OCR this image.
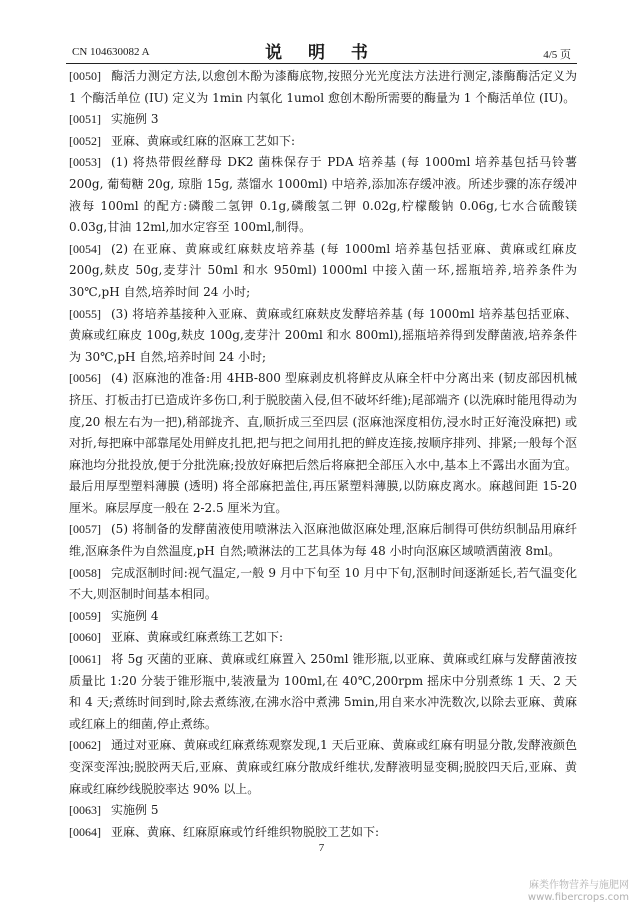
CN 104630082 A	说 明 书	4/5 页
[0050] 酶活力测定方法,以愈创木酚为漆酶底物,按照分光光度法方法进行测定,漆酶酶活定义为 1 个酶活单位 (IU) 定义为 1min 内氧化 1umol 愈创木酚所需要的酶量为 1 个酶活单位 (IU)。
[0051] 实施例 3
[0052] 亚麻、黄麻或红麻的沤麻工艺如下:
[0053] (1) 将热带假丝酵母 DK2 菌株保存于 PDA 培养基 (每 1000ml 培养基包括马铃薯 200g, 葡萄糖 20g, 琼脂 15g, 蒸馏水 1000ml) 中培养,添加冻存缓冲液。所述步骤的冻存缓冲液每 100ml 的配方:磷酸二氢钾 0.1g,磷酸氢二钾 0.02g,柠檬酸钠 0.06g,七水合硫酸镁 0.03g,甘油 12ml,加水定容至 100ml,制得。
[0054] (2) 在亚麻、黄麻或红麻麸皮培养基 (每 1000ml 培养基包括亚麻、黄麻或红麻皮 200g,麸皮 50g,麦芽汁 50ml 和水 950ml) 1000ml 中接入菌一环,摇瓶培养,培养条件为 30℃,pH 自然,培养时间 24 小时;
[0055] (3) 将培养基接种入亚麻、黄麻或红麻麸皮发酵培养基 (每 1000ml 培养基包括亚麻、黄麻或红麻皮 100g,麸皮 100g,麦芽汁 200ml 和水 800ml),摇瓶培养得到发酵菌液,培养条件为 30℃,pH 自然,培养时间 24 小时;
[0056] (4) 沤麻池的准备:用 4HB-800 型麻剥皮机将鲜皮从麻全杆中分离出来 (韧皮部因机械挤压、打板击打已造成许多伤口,利于脱胶菌入侵,但不破坏纤维);尾部端齐 (以洗麻时能甩得动为度,20 根左右为一把),稍部拢齐、直,顺折成三至四层 (沤麻池深度相仿,浸水时正好淹没麻把) 或对折,每把麻中部靠尾处用鲜皮扎把,把与把之间用扎把的鲜皮连接,按顺序排列、排紧;一般每个沤麻池均分批投放,便于分批洗麻;投放好麻把后然后将麻把全部压入水中,基本上不露出水面为宜。最后用厚型塑料薄膜 (透明) 将全部麻把盖住,再压紧塑料薄膜,以防麻皮离水。麻越间距 15-20 厘米。麻层厚度一般在 2-2.5 厘米为宜。
[0057] (5) 将制备的发酵菌液使用喷淋法入沤麻池做沤麻处理,沤麻后制得可供纺织制品用麻纤维,沤麻条件为自然温度,pH 自然;喷淋法的工艺具体为每 48 小时向沤麻区域喷洒菌液 8ml。
[0058] 完成沤制时间:视气温定,一般 9 月中下旬至 10 月中下旬,沤制时间逐渐延长,若气温变化不大,则沤制时间基本相同。
[0059] 实施例 4
[0060] 亚麻、黄麻或红麻煮练工艺如下:
[0061] 将 5g 灭菌的亚麻、黄麻或红麻置入 250ml 锥形瓶,以亚麻、黄麻或红麻与发酵菌液按质量比 1:20 分装于锥形瓶中,装液量为 100ml,在 40℃,200rpm 摇床中分别煮练 1 天、2 天和 4 天;煮练时间到时,除去煮练液,在沸水浴中煮沸 5min,用自来水冲洗数次,以除去亚麻、黄麻或红麻上的细菌,停止煮练。
[0062] 通过对亚麻、黄麻或红麻煮练观察发现,1 天后亚麻、黄麻或红麻有明显分散,发酵液颜色变深变浑浊;脱胶两天后,亚麻、黄麻或红麻分散成纤维状,发酵液明显变稠;脱胶四天后,亚麻、黄麻或红麻纱线脱胶率达 90% 以上。
[0063] 实施例 5
[0064] 亚麻、黄麻、红麻原麻或竹纤维织物脱胶工艺如下:
7
麻类作物营养与施肥网
www.fibercrops.com
